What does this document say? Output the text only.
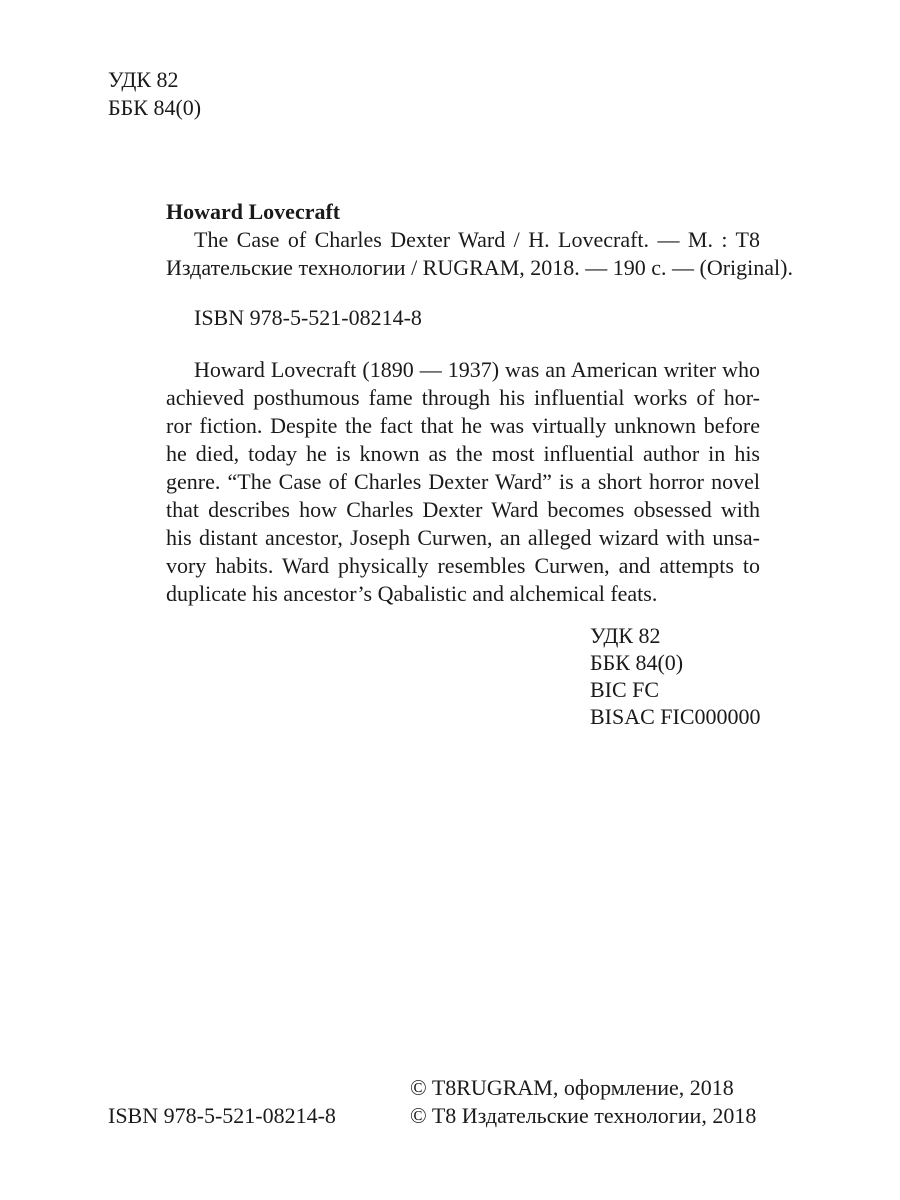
УДК 82
ББК 84(0)
Howard Lovecraft
The Case of Charles Dexter Ward / H. Lovecraft. — M. : T8
Издательские технологии / RUGRAM, 2018. — 190 с. — (Original).
ISBN 978-5-521-08214-8
Howard Lovecraft (1890 — 1937) was an American writer who
achieved posthumous fame through his influential works of hor-
ror fiction. Despite the fact that he was virtually unknown before
he died, today he is known as the most influential author in his
genre. “The Case of Charles Dexter Ward” is a short horror novel
that describes how Charles Dexter Ward becomes obsessed with
his distant ancestor, Joseph Curwen, an alleged wizard with unsa-
vory habits. Ward physically resembles Curwen, and attempts to
duplicate his ancestor’s Qabalistic and alchemical feats.
УДК 82
ББК 84(0)
BIC FC
BISAC FIC000000
ISBN 978-5-521-08214-8
© T8RUGRAM, оформление, 2018
© T8 Издательские технологии, 2018
